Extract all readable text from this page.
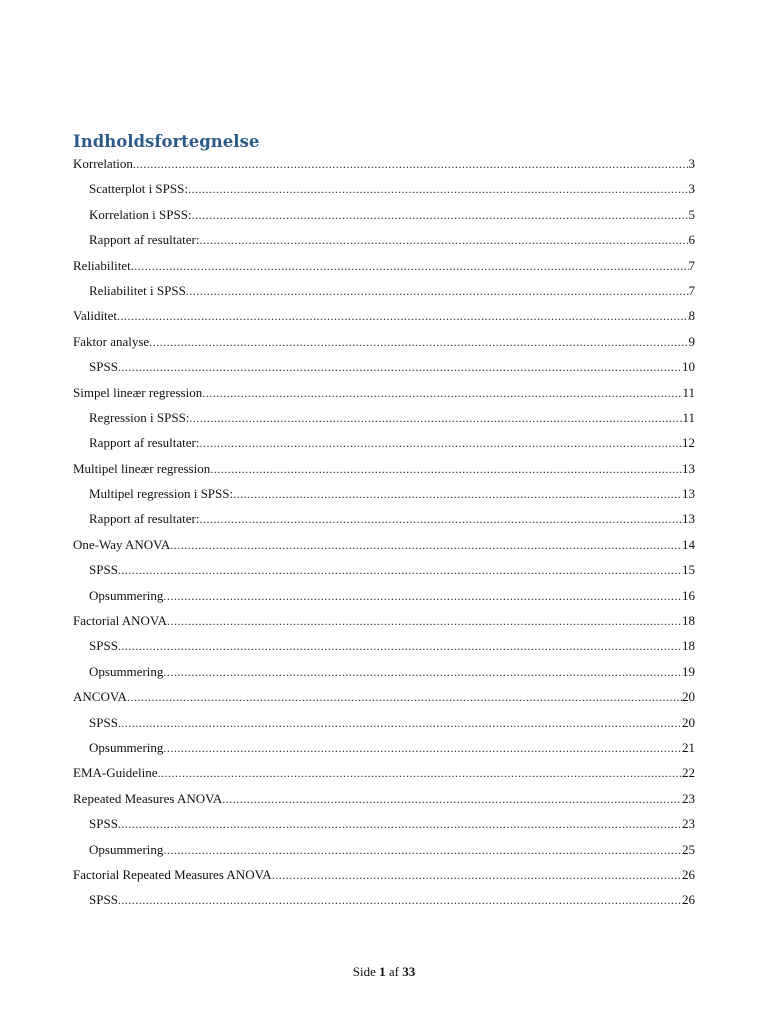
Indholdsfortegnelse
Korrelation .....	3
Scatterplot i SPSS: .....	3
Korrelation i SPSS: .....	5
Rapport af resultater: .....	6
Reliabilitet .....	7
Reliabilitet i SPSS .....	7
Validitet .....	8
Faktor analyse .....	9
SPSS .....	10
Simpel lineær regression .....	11
Regression i SPSS: .....	11
Rapport af resultater: .....	12
Multipel lineær regression .....	13
Multipel regression i SPSS: .....	13
Rapport af resultater: .....	13
One-Way ANOVA .....	14
SPSS .....	15
Opsummering .....	16
Factorial ANOVA .....	18
SPSS .....	18
Opsummering .....	19
ANCOVA .....	20
SPSS .....	20
Opsummering .....	21
EMA-Guideline .....	22
Repeated Measures ANOVA .....	23
SPSS .....	23
Opsummering .....	25
Factorial Repeated Measures ANOVA .....	26
SPSS .....	26
Side 1 af 33
